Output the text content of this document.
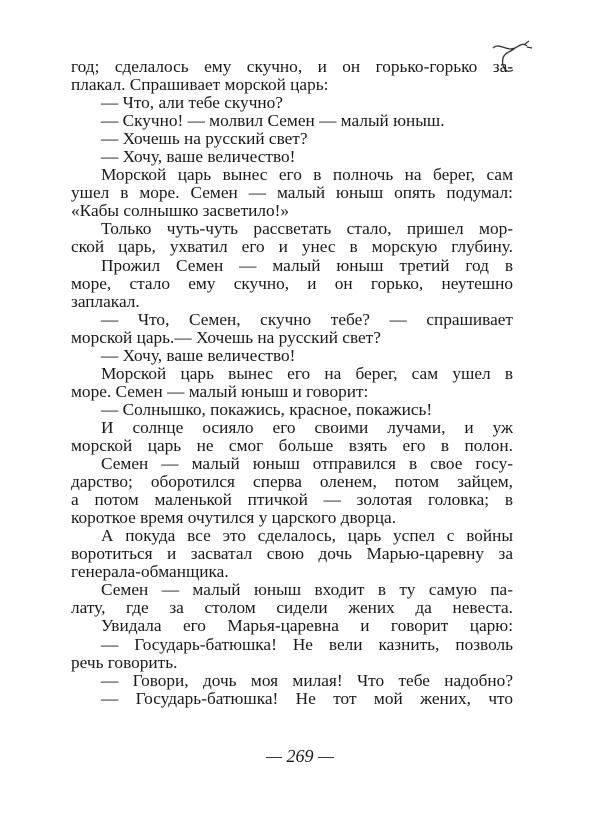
год; сделалось ему скучно, и он горько-горько за-
плакал. Спрашивает морской царь:
— Что, али тебе скучно?
— Скучно! — молвил Семен — малый юныш.
— Хочешь на русский свет?
— Хочу, ваше величество!
Морской царь вынес его в полночь на берег, сам
ушел в море. Семен — малый юныш опять подумал:
«Кабы солнышко засветило!»
Только чуть-чуть рассветать стало, пришел мор-
ской царь, ухватил его и унес в морскую глубину.
Прожил Семен — малый юныш третий год в
море, стало ему скучно, и он горько, неутешно
заплакал.
— Что, Семен, скучно тебе? — спрашивает
морской царь.— Хочешь на русский свет?
— Хочу, ваше величество!
Морской царь вынес его на берег, сам ушел в
море. Семен — малый юныш и говорит:
— Солнышко, покажись, красное, покажись!
И солнце осияло его своими лучами, и уж
морской царь не смог больше взять его в полон.
Семен — малый юныш отправился в свое госу-
дарство; оборотился сперва оленем, потом зайцем,
а потом маленькой птичкой — золотая головка; в
короткое время очутился у царского дворца.
А покуда все это сделалось, царь успел с войны
воротиться и засватал свою дочь Марью-царевну за
генерала-обманщика.
Семен — малый юныш входит в ту самую па-
лату, где за столом сидели жених да невеста.
Увидала его Марья-царевна и говорит царю:
— Государь-батюшка! Не вели казнить, позволь
речь говорить.
— Говори, дочь моя милая! Что тебе надобно?
— Государь-батюшка! Не тот мой жених, что
— 269 —
